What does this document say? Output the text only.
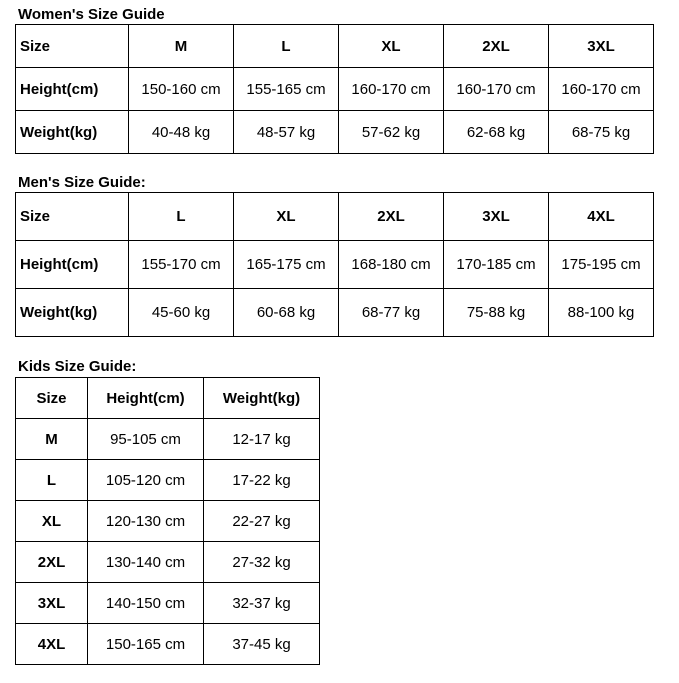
Women's Size Guide
Size	M	L	XL	2XL	3XL
Height(cm)	150-160 cm	155-165 cm	160-170 cm	160-170 cm	160-170 cm
Weight(kg)	40-48 kg	48-57 kg	57-62 kg	62-68 kg	68-75 kg
Men's Size Guide:
Size	L	XL	2XL	3XL	4XL
Height(cm)	155-170 cm	165-175 cm	168-180 cm	170-185 cm	175-195 cm
Weight(kg)	45-60 kg	60-68 kg	68-77 kg	75-88 kg	88-100 kg
Kids Size Guide:
Size	Height(cm)	Weight(kg)
M	95-105 cm	12-17 kg
L	105-120 cm	17-22 kg
XL	120-130 cm	22-27 kg
2XL	130-140 cm	27-32 kg
3XL	140-150 cm	32-37 kg
4XL	150-165 cm	37-45 kg
